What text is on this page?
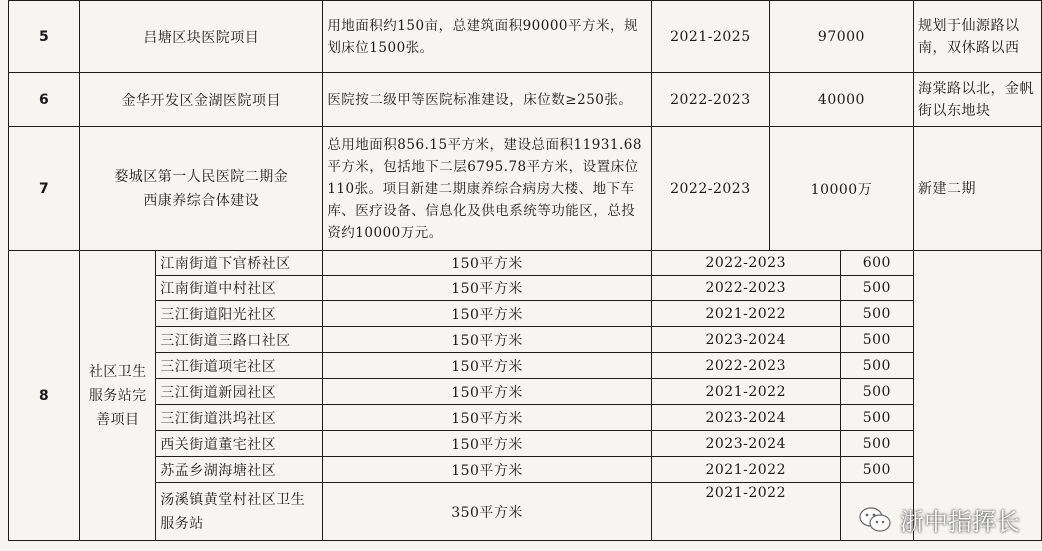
5	吕塘区块医院项目		用地面积约150亩，总建筑面积90000平方米，规划床位1500张。	2021-2025	97000		规划于仙源路以南，双休路以西
6	金华开发区金湖医院项目		医院按二级甲等医院标准建设，床位数≥250张。	2022-2023	40000		海棠路以北，金帆街以东地块
7	婺城区第一人民医院二期金西康养综合体建设		总用地面积856.15平方米，建设总面积11931.68平方米，包括地下二层6795.78平方米，设置床位110张。项目新建二期康养综合病房大楼、地下车库、医疗设备、信息化及供电系统等功能区，总投资约10000万元。	2022-2023	10000万		新建二期
8	社区卫生服务站完善项目	江南街道下官桥社区	150平方米	2022-2023		600	
		江南街道中村社区	150平方米	2022-2023		500	
		三江街道阳光社区	150平方米	2021-2022		500	
		三江街道三路口社区	150平方米	2023-2024		500	
		三江街道项宅社区	150平方米	2022-2023		500	
		三江街道新园社区	150平方米	2021-2022		500	
		三江街道洪坞社区	150平方米	2023-2024		500	
		西关街道董宅社区	150平方米	2023-2024		500	
		苏孟乡湖海塘社区	150平方米	2021-2022		500	
		汤溪镇黄堂村社区卫生服务站	350平方米	2021-2022			
浙中指挥长
